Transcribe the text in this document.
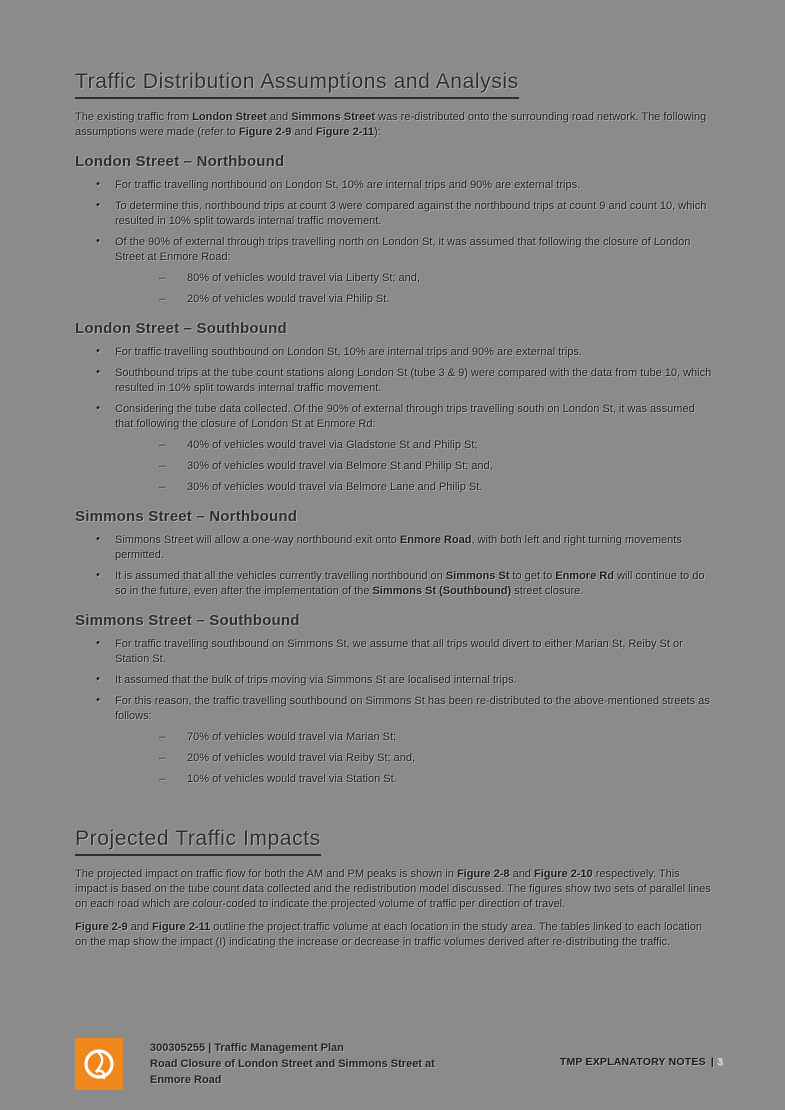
Traffic Distribution Assumptions and Analysis
The existing traffic from London Street and Simmons Street was re-distributed onto the surrounding road network. The following assumptions were made (refer to Figure 2-9 and Figure 2-11):
London Street – Northbound
• For traffic travelling northbound on London St, 10% are internal trips and 90% are external trips.
• To determine this, northbound trips at count 3 were compared against the northbound trips at count 9 and count 10, which resulted in 10% split towards internal traffic movement.
• Of the 90% of external through trips travelling north on London St, it was assumed that following the closure of London Street at Enmore Road:
– 80% of vehicles would travel via Liberty St; and,
– 20% of vehicles would travel via Philip St.
London Street – Southbound
• For traffic travelling southbound on London St, 10% are internal trips and 90% are external trips.
• Southbound trips at the tube count stations along London St (tube 3 & 9) were compared with the data from tube 10, which resulted in 10% split towards internal traffic movement.
• Considering the tube data collected. Of the 90% of external through trips travelling south on London St, it was assumed that following the closure of London St at Enmore Rd:
– 40% of vehicles would travel via Gladstone St and Philip St;
– 30% of vehicles would travel via Belmore St and Philip St; and,
– 30% of vehicles would travel via Belmore Lane and Philip St.
Simmons Street – Northbound
• Simmons Street will allow a one-way northbound exit onto Enmore Road, with both left and right turning movements permitted.
• It is assumed that all the vehicles currently travelling northbound on Simmons St to get to Enmore Rd will continue to do so in the future, even after the implementation of the Simmons St (Southbound) street closure.
Simmons Street – Southbound
• For traffic travelling southbound on Simmons St, we assume that all trips would divert to either Marian St, Reiby St or Station St.
• It assumed that the bulk of trips moving via Simmons St are localised internal trips.
• For this reason, the traffic travelling southbound on Simmons St has been re-distributed to the above-mentioned streets as follows:
– 70% of vehicles would travel via Marian St;
– 20% of vehicles would travel via Reiby St; and,
– 10% of vehicles would travel via Station St.
Projected Traffic Impacts
The projected impact on traffic flow for both the AM and PM peaks is shown in Figure 2-8 and Figure 2-10 respectively. This impact is based on the tube count data collected and the redistribution model discussed. The figures show two sets of parallel lines on each road which are colour-coded to indicate the projected volume of traffic per direction of travel.
Figure 2-9 and Figure 2-11 outline the project traffic volume at each location in the study area. The tables linked to each location on the map show the impact (I) indicating the increase or decrease in traffic volumes derived after re-distributing the traffic.
300305255 | Traffic Management Plan
Road Closure of London Street and Simmons Street at
Enmore Road
TMP EXPLANATORY NOTES | 3
